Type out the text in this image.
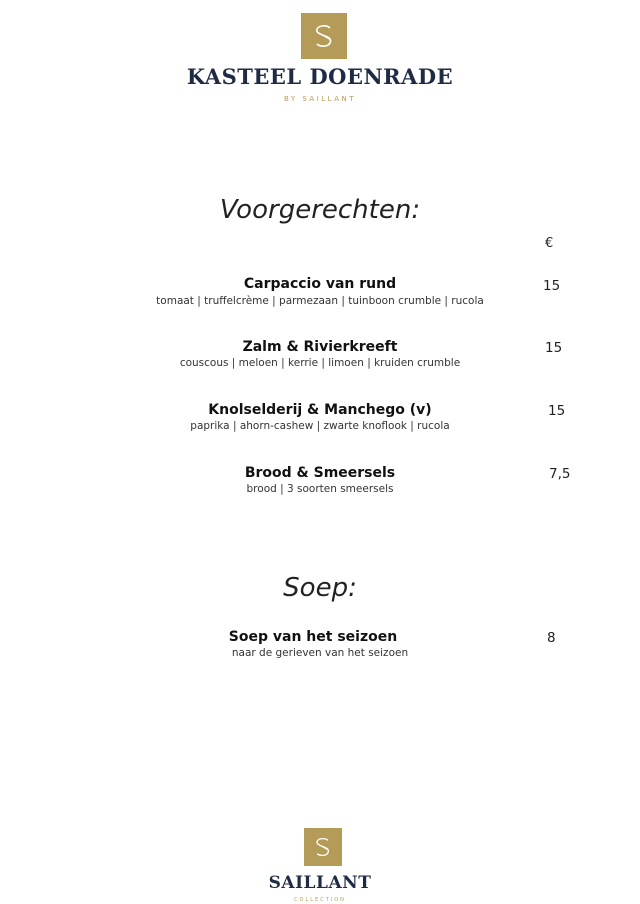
KASTEEL DOENRADE
BY SAILLANT
Voorgerechten:
€
Carpaccio van rund
tomaat | truffelcrème | parmezaan | tuinboon crumble | rucola
15
Zalm & Rivierkreeft
couscous | meloen | kerrie | limoen | kruiden crumble
15
Knolselderij & Manchego (v)
paprika | ahorn-cashew | zwarte knoflook | rucola
15
Brood & Smeersels
brood | 3 soorten smeersels
7,5
Soep:
Soep van het seizoen
naar de gerieven van het seizoen
8
SAILLANT
COLLECTION
